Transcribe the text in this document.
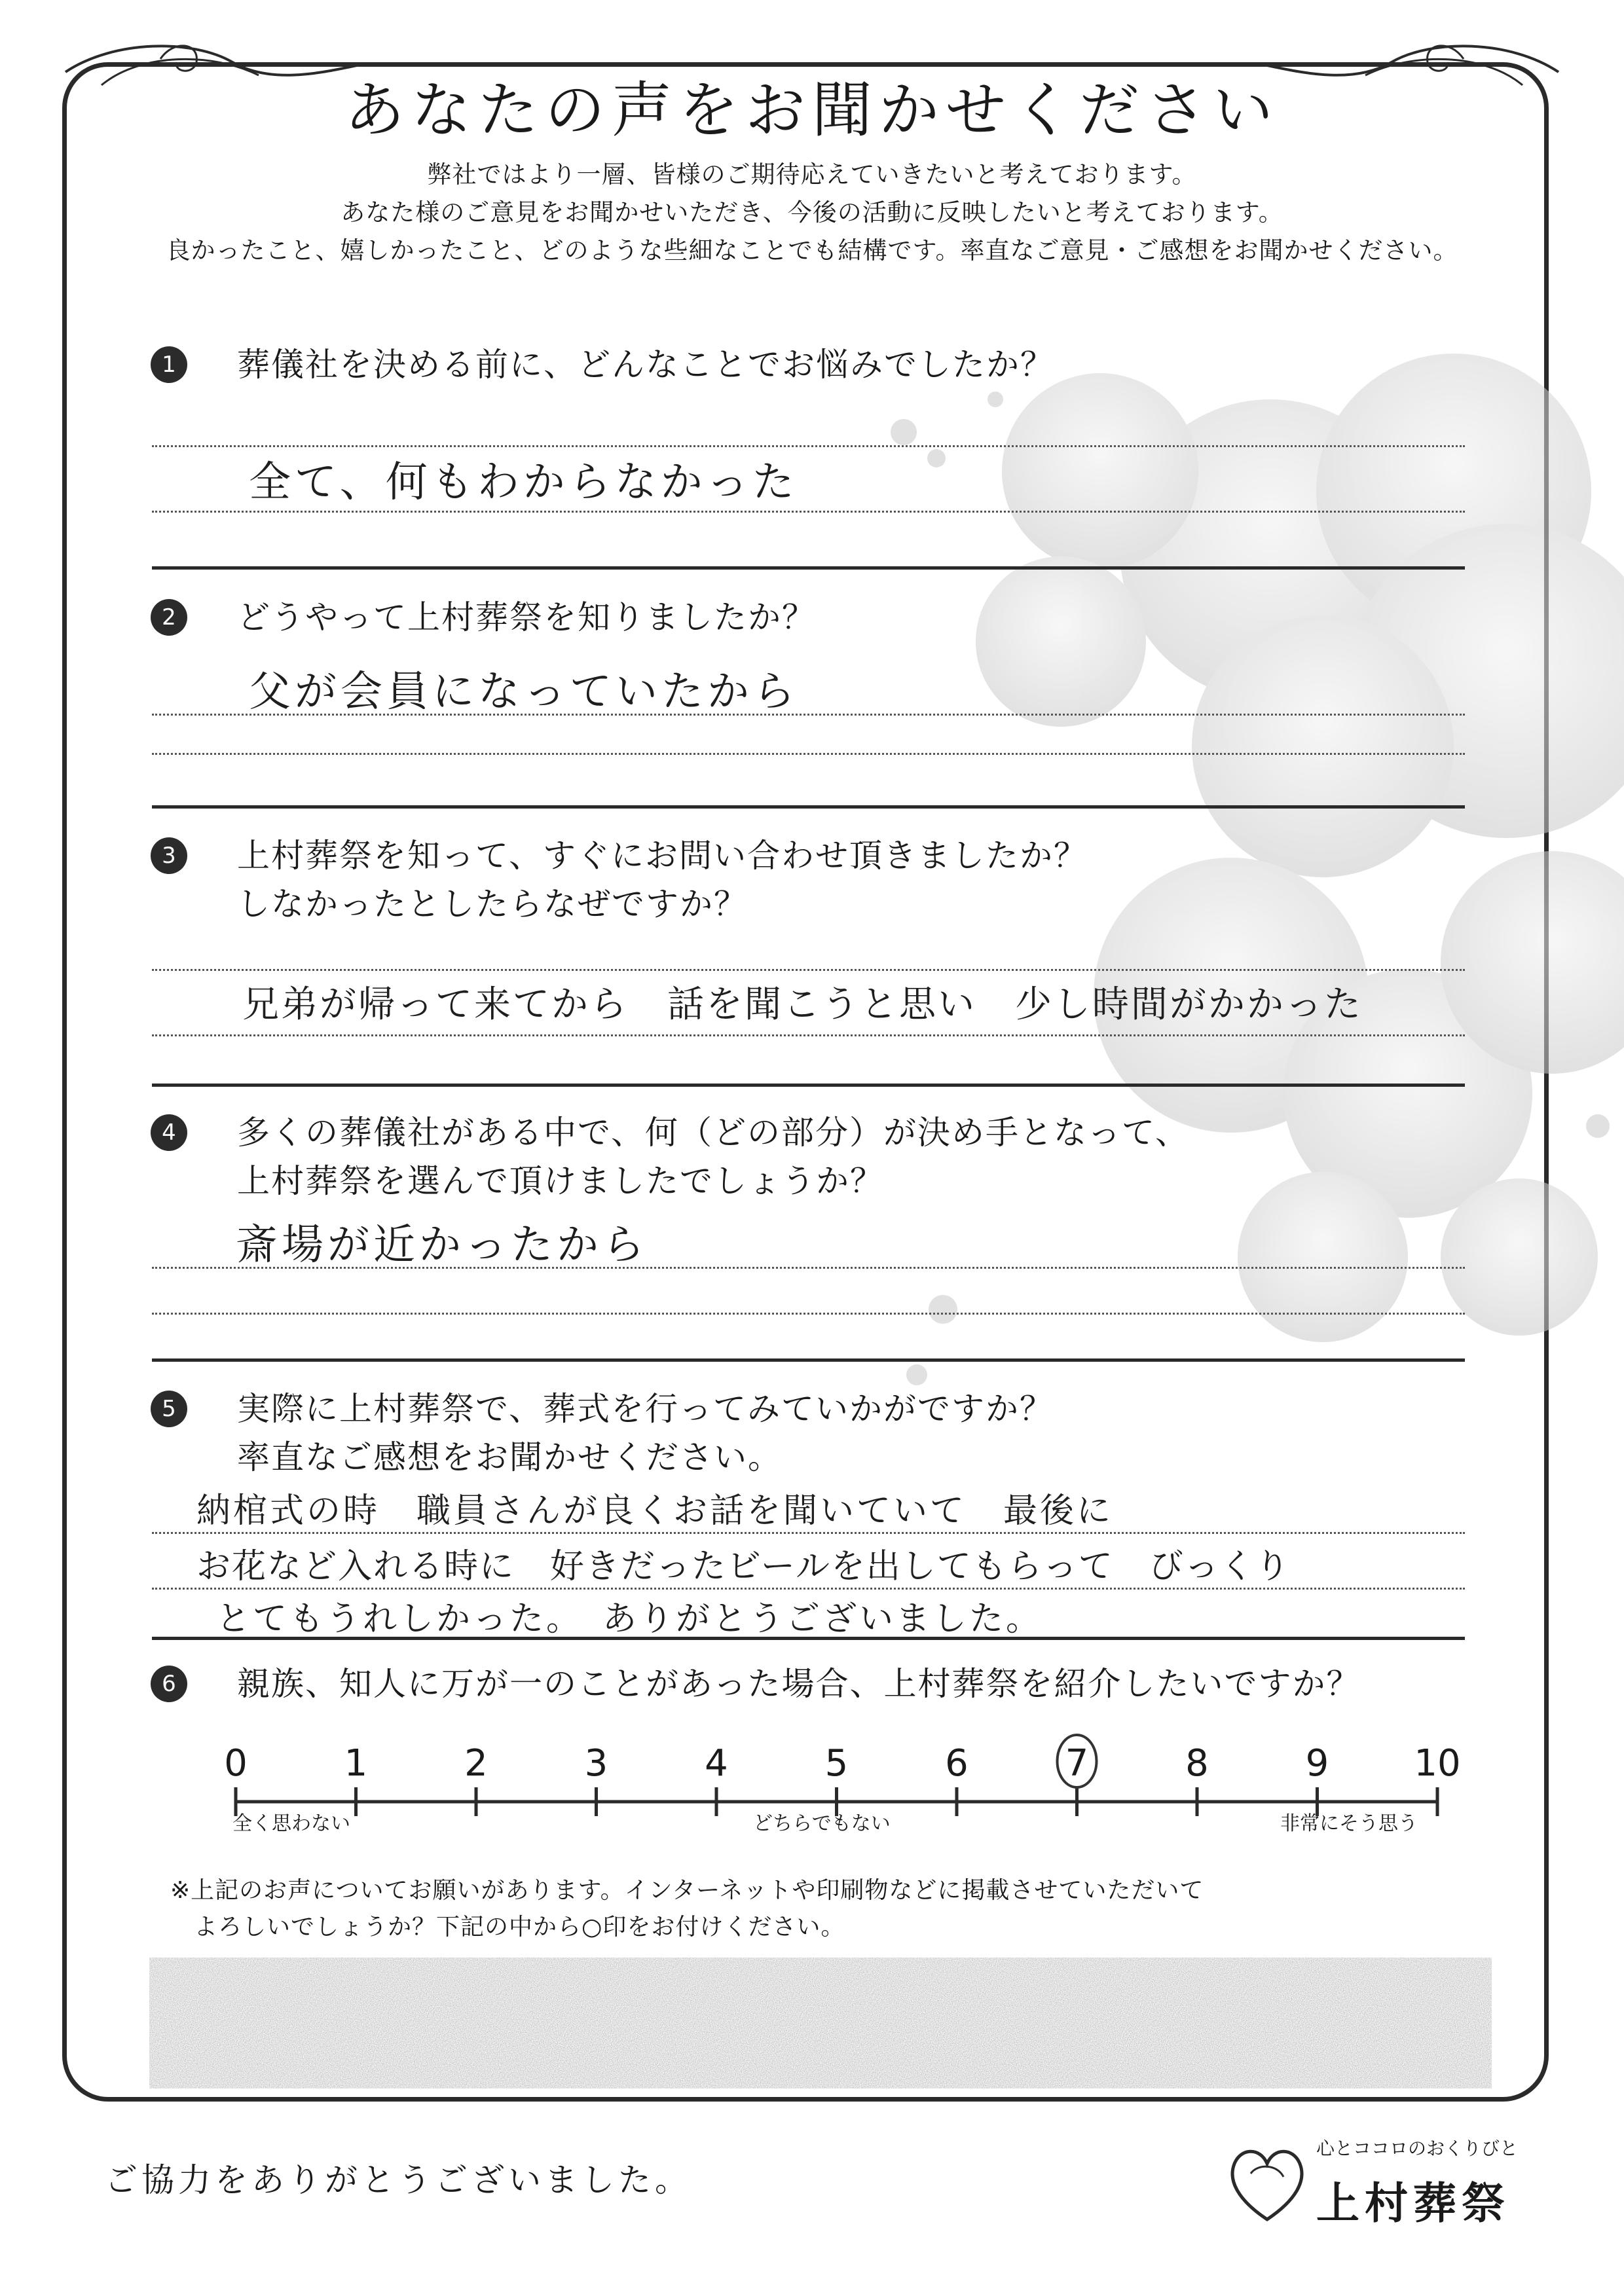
あなたの声をお聞かせください
弊社ではより一層、皆様のご期待応えていきたいと考えております。
あなた様のご意見をお聞かせいただき、今後の活動に反映したいと考えております。
良かったこと、嬉しかったこと、どのような些細なことでも結構です。率直なご意見・ご感想をお聞かせください。
1	葬儀社を決める前に、どんなことでお悩みでしたか？
全て、何もわからなかった
2	どうやって上村葬祭を知りましたか？
父が会員になっていたから
3	上村葬祭を知って、すぐにお問い合わせ頂きましたか？
しなかったとしたらなぜですか？
兄弟が帰って来てから　話を聞こうと思い　少し時間がかかった
4	多くの葬儀社がある中で、何（どの部分）が決め手となって、
上村葬祭を選んで頂けましたでしょうか？
斎場が近かったから
5	実際に上村葬祭で、葬式を行ってみていかがですか？
率直なご感想をお聞かせください。
納棺式の時　職員さんが良くお話を聞いていて　最後に
お花など入れる時に　好きだったビールを出してもらって　びっくり
とてもうれしかった。　ありがとうございました。
6	親族、知人に万が一のことがあった場合、上村葬祭を紹介したいですか？
0	1	2	3	4	5	6	7	8	9 10
全く思わない	どちらでもない	非常にそう思う
※上記のお声についてお願いがあります。インターネットや印刷物などに掲載させていただいて
よろしいでしょうか？下記の中から○印をお付けください。
ご協力をありがとうございました。
心とココロのおくりびと
上村葬祭
